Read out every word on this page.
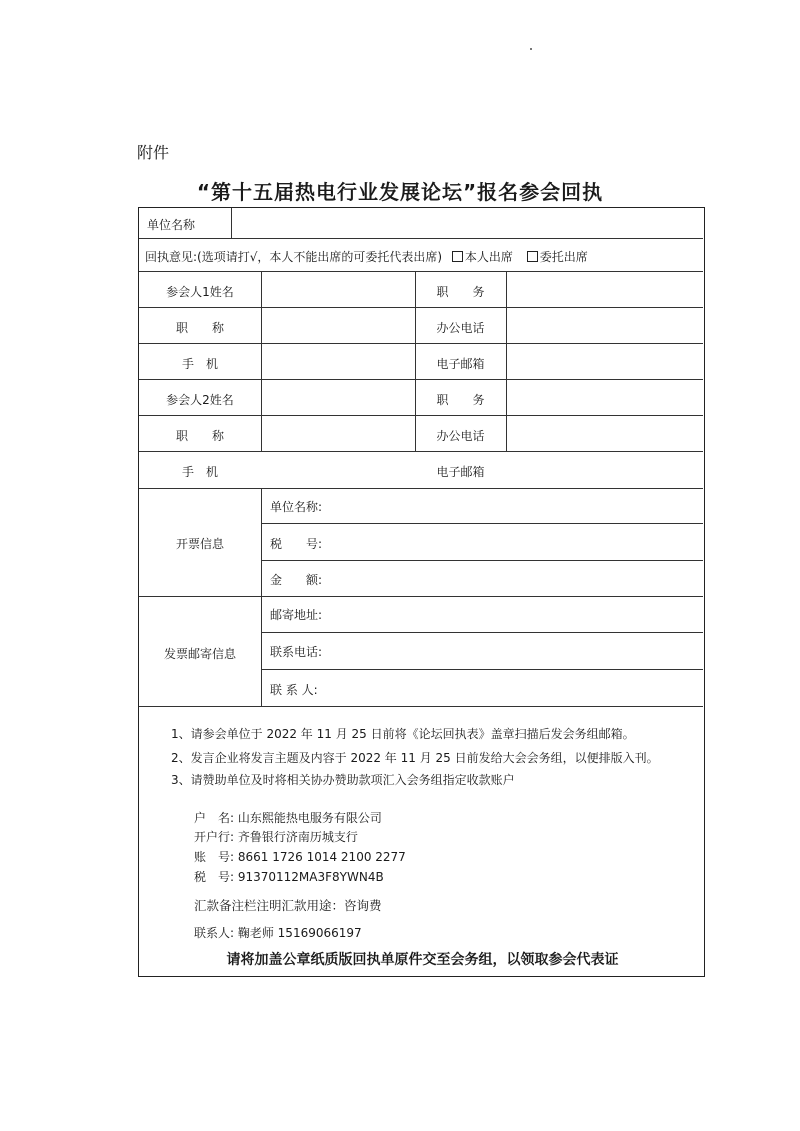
附件
“第十五届热电行业发展论坛”报名参会回执
单位名称
回执意见:(选项请打√，本人不能出席的可委托代表出席) 本人出席 委托出席
参会人1姓名	职　　务
职　　称	办公电话
手　机	电子邮箱
参会人2姓名	职　　务
职　　称	办公电话
手　机	电子邮箱
开票信息
单位名称:
税　　号:
金　　额:
发票邮寄信息
邮寄地址:
联系电话:
联 系 人:
1、请参会单位于 2022 年 11 月 25 日前将《论坛回执表》盖章扫描后发会务组邮箱。
2、发言企业将发言主题及内容于 2022 年 11 月 25 日前发给大会会务组，以便排版入刊。
3、请赞助单位及时将相关协办赞助款项汇入会务组指定收款账户
户　名: 山东熙能热电服务有限公司
开户行: 齐鲁银行济南历城支行
账　号: 8661 1726 1014 2100 2277
税　号: 91370112MA3F8YWN4B
汇款备注栏注明汇款用途：咨询费
联系人: 鞠老师 15169066197
请将加盖公章纸质版回执单原件交至会务组，以领取参会代表证
